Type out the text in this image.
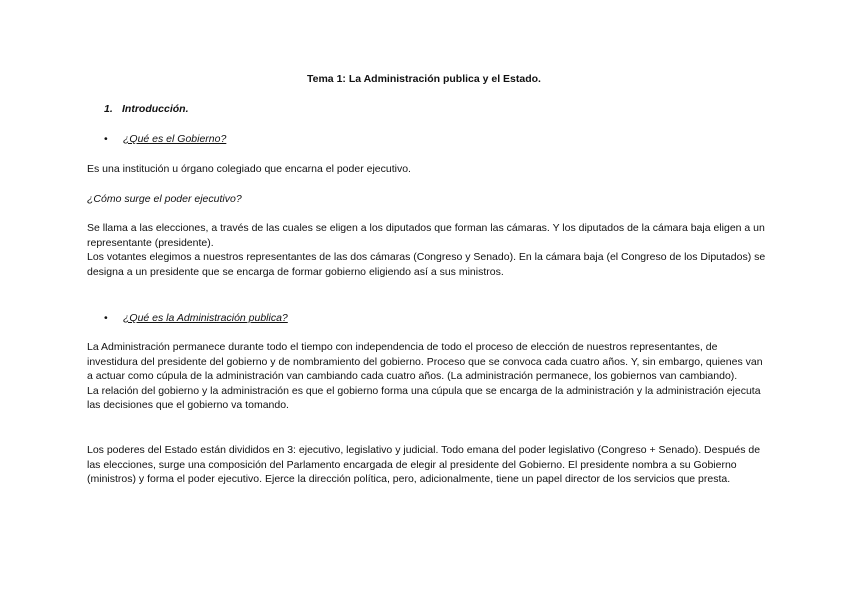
Tema 1: La Administración publica y el Estado.
1. Introducción.
• ¿Qué es el Gobierno?

Es una institución u órgano colegiado que encarna el poder ejecutivo.

¿Cómo surge el poder ejecutivo?

Se llama a las elecciones, a través de las cuales se eligen a los diputados que forman las cámaras. Y los diputados de la cámara baja eligen a un representante (presidente).

Los votantes elegimos a nuestros representantes de las dos cámaras (Congreso y Senado). En la cámara baja (el Congreso de los Diputados) se designa a un presidente que se encarga de formar gobierno eligiendo así a sus ministros.

• ¿Qué es la Administración publica?

La Administración permanece durante todo el tiempo con independencia de todo el proceso de elección de nuestros representantes, de investidura del presidente del gobierno y de nombramiento del gobierno. Proceso que se convoca cada cuatro años. Y, sin embargo, quienes van a actuar como cúpula de la administración van cambiando cada cuatro años. (La administración permanece, los gobiernos van cambiando).

La relación del gobierno y la administración es que el gobierno forma una cúpula que se encarga de la administración y la administración ejecuta las decisiones que el gobierno va tomando.

Los poderes del Estado están divididos en 3: ejecutivo, legislativo y judicial. Todo emana del poder legislativo (Congreso + Senado). Después de las elecciones, surge una composición del Parlamento encargada de elegir al presidente del Gobierno. El presidente nombra a su Gobierno (ministros) y forma el poder ejecutivo. Ejerce la dirección política, pero, adicionalmente, tiene un papel director de los servicios que presta.
